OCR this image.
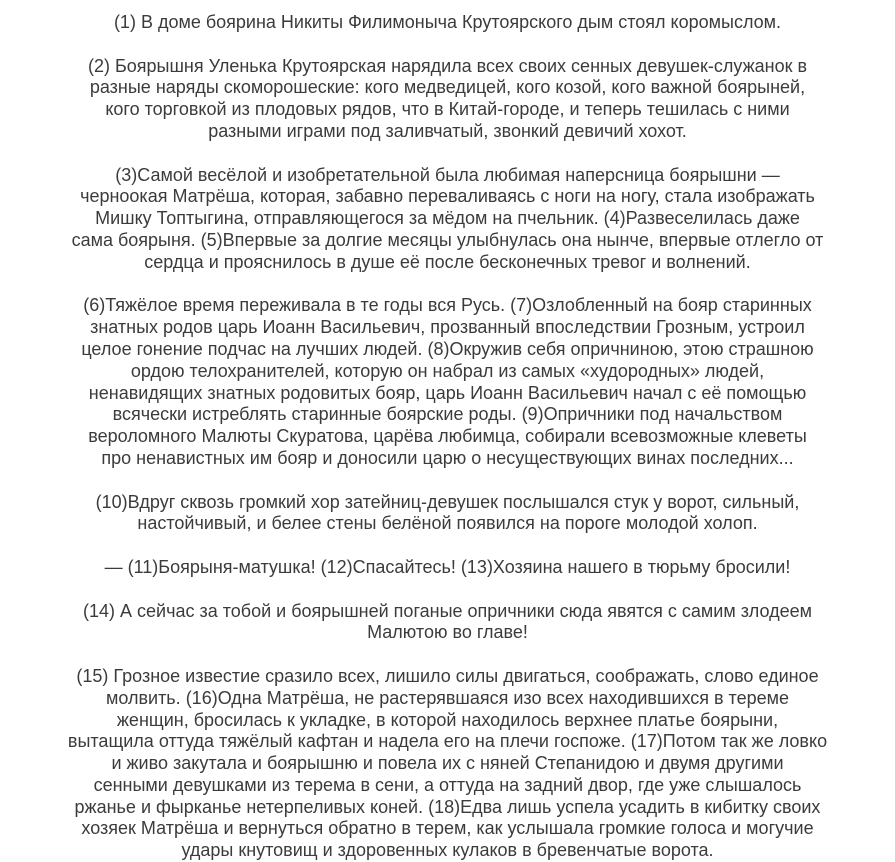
(1) В доме боярина Никиты Филимоныча Крутоярского дым стоял коромыслом.

(2) Боярышня Уленька Крутоярская нарядила всех своих сенных девушек-служанок в
разные наряды скоморошеские: кого медведицей, кого козой, кого важной боярыней,
кого торговкой из плодовых рядов, что в Китай-городе, и теперь тешилась с ними
разными играми под заливчатый, звонкий девичий хохот.

(3)Самой весёлой и изобретательной была любимая наперсница боярышни —
черноокая Матрёша, которая, забавно переваливаясь с ноги на ногу, стала изображать
Мишку Топтыгина, отправляющегося за мёдом на пчельник. (4)Развеселилась даже
сама боярыня. (5)Впервые за долгие месяцы улыбнулась она нынче, впервые отлегло от
сердца и прояснилось в душе её после бесконечных тревог и волнений.

(6)Тяжёлое время переживала в те годы вся Русь. (7)Озлобленный на бояр старинных
знатных родов царь Иоанн Васильевич, прозванный впоследствии Грозным, устроил
целое гонение подчас на лучших людей. (8)Окружив себя опричниною, этою страшною
ордою телохранителей, которую он набрал из самых «худородных» людей,
ненавидящих знатных родовитых бояр, царь Иоанн Васильевич начал с её помощью
всячески истреблять старинные боярские роды. (9)Опричники под начальством
вероломного Малюты Скуратова, царёва любимца, собирали всевозможные клеветы
про ненавистных им бояр и доносили царю о несуществующих винах последних...

(10)Вдруг сквозь громкий хор затейниц-девушек послышался стук у ворот, сильный,
настойчивый, и белее стены белёной появился на пороге молодой холоп.

— (11)Боярыня-матушка! (12)Спасайтесь! (13)Хозяина нашего в тюрьму бросили!

(14) А сейчас за тобой и боярышней поганые опричники сюда явятся с самим злодеем
Малютою во главе!

(15) Грозное известие сразило всех, лишило силы двигаться, соображать, слово единое
молвить. (16)Одна Матрёша, не растерявшаяся изо всех находившихся в тереме
женщин, бросилась к укладке, в которой находилось верхнее платье боярыни,
вытащила оттуда тяжёлый кафтан и надела его на плечи госпоже. (17)Потом так же ловко
и живо закутала и боярышню и повела их с няней Степанидою и двумя другими
сенными девушками из терема в сени, а оттуда на задний двор, где уже слышалось
ржанье и фырканье нетерпеливых коней. (18)Едва лишь успела усадить в кибитку своих
хозяек Матрёша и вернуться обратно в терем, как услышала громкие голоса и могучие
удары кнутовищ и здоровенных кулаков в бревенчатые ворота.
